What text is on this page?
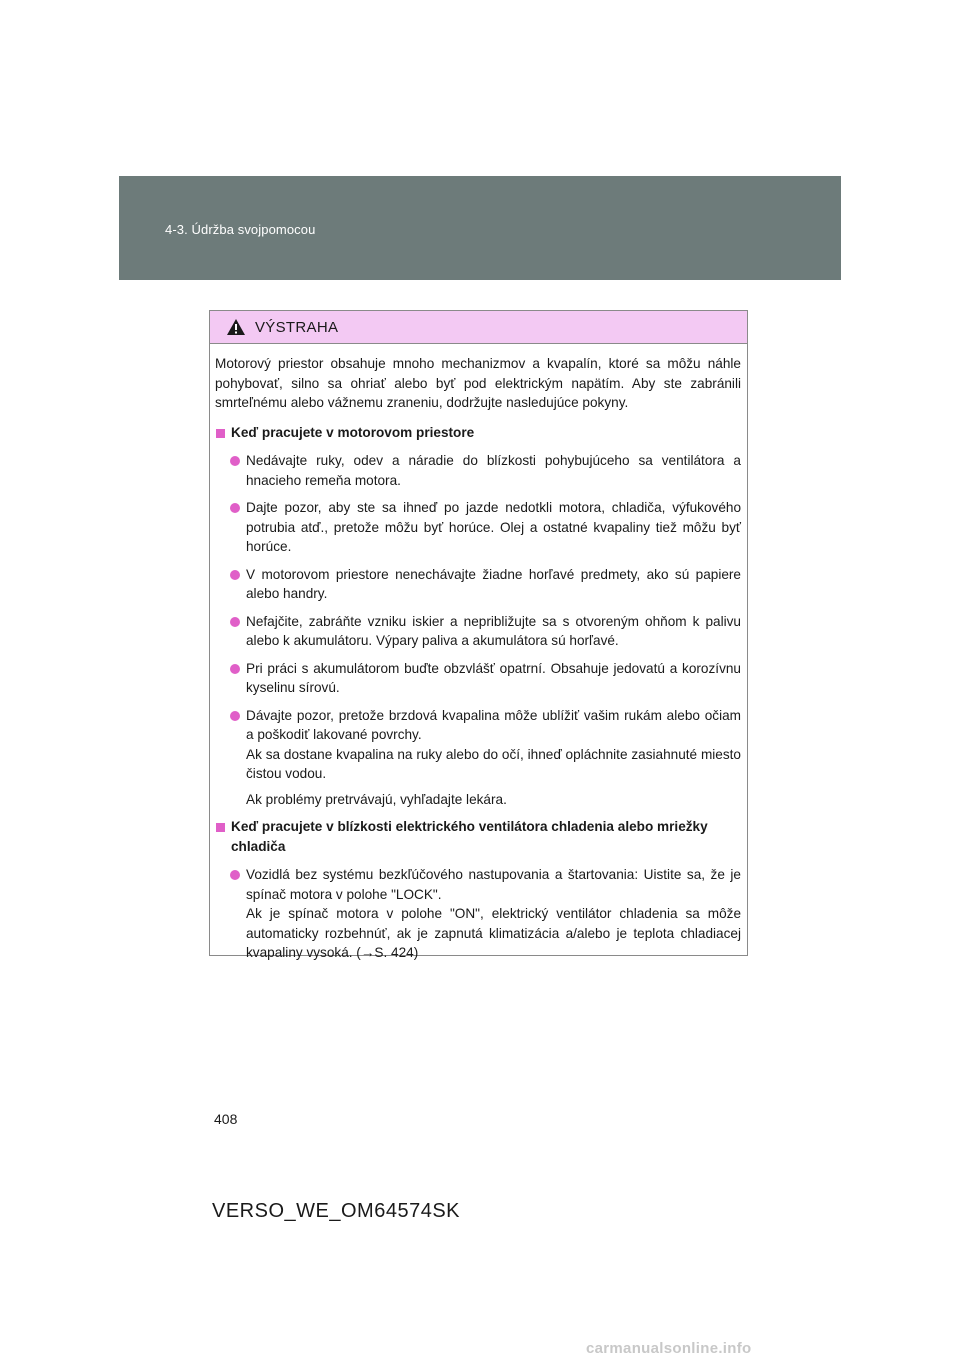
4-3. Údržba svojpomocou
VÝSTRAHA

Motorový priestor obsahuje mnoho mechanizmov a kvapalín, ktoré sa môžu náhle pohybovať, silno sa ohriať alebo byť pod elektrickým napätím. Aby ste zabránili smrteľnému alebo vážnemu zraneniu, dodržujte nasledujúce pokyny.

Keď pracujete v motorovom priestore
Nedávajte ruky, odev a náradie do blízkosti pohybujúceho sa ventilátora a hnacieho remeňa motora.
Dajte pozor, aby ste sa ihneď po jazde nedotkli motora, chladiča, výfukového potrubia atď., pretože môžu byť horúce. Olej a ostatné kvapaliny tiež môžu byť horúce.
V motorovom priestore nenechávajte žiadne horľavé predmety, ako sú papiere alebo handry.
Nefajčite, zabráňte vzniku iskier a nepribližujte sa s otvoreným ohňom k palivu alebo k akumulátoru. Výpary paliva a akumulátora sú horľavé.
Pri práci s akumulátorom buďte obzvlášť opatrní. Obsahuje jedovatú a korozívnu kyselinu sírovú.
Dávajte pozor, pretože brzdová kvapalina môže ublížiť vašim rukám alebo očiam a poškodiť lakované povrchy.
Ak sa dostane kvapalina na ruky alebo do očí, ihneď opláchnite zasiahnuté miesto čistou vodou.
Ak problémy pretrvávajú, vyhľadajte lekára.
Keď pracujete v blízkosti elektrického ventilátora chladenia alebo mriežky chladiča
Vozidlá bez systému bezkľúčového nastupovania a štartovania: Uistite sa, že je spínač motora v polohe "LOCK".
Ak je spínač motora v polohe "ON", elektrický ventilátor chladenia sa môže automaticky rozbehnúť, ak je zapnutá klimatizácia a/alebo je teplota chladiacej kvapaliny vysoká. (→S. 424)
408
VERSO_WE_OM64574SK
carmanualsonline.info
